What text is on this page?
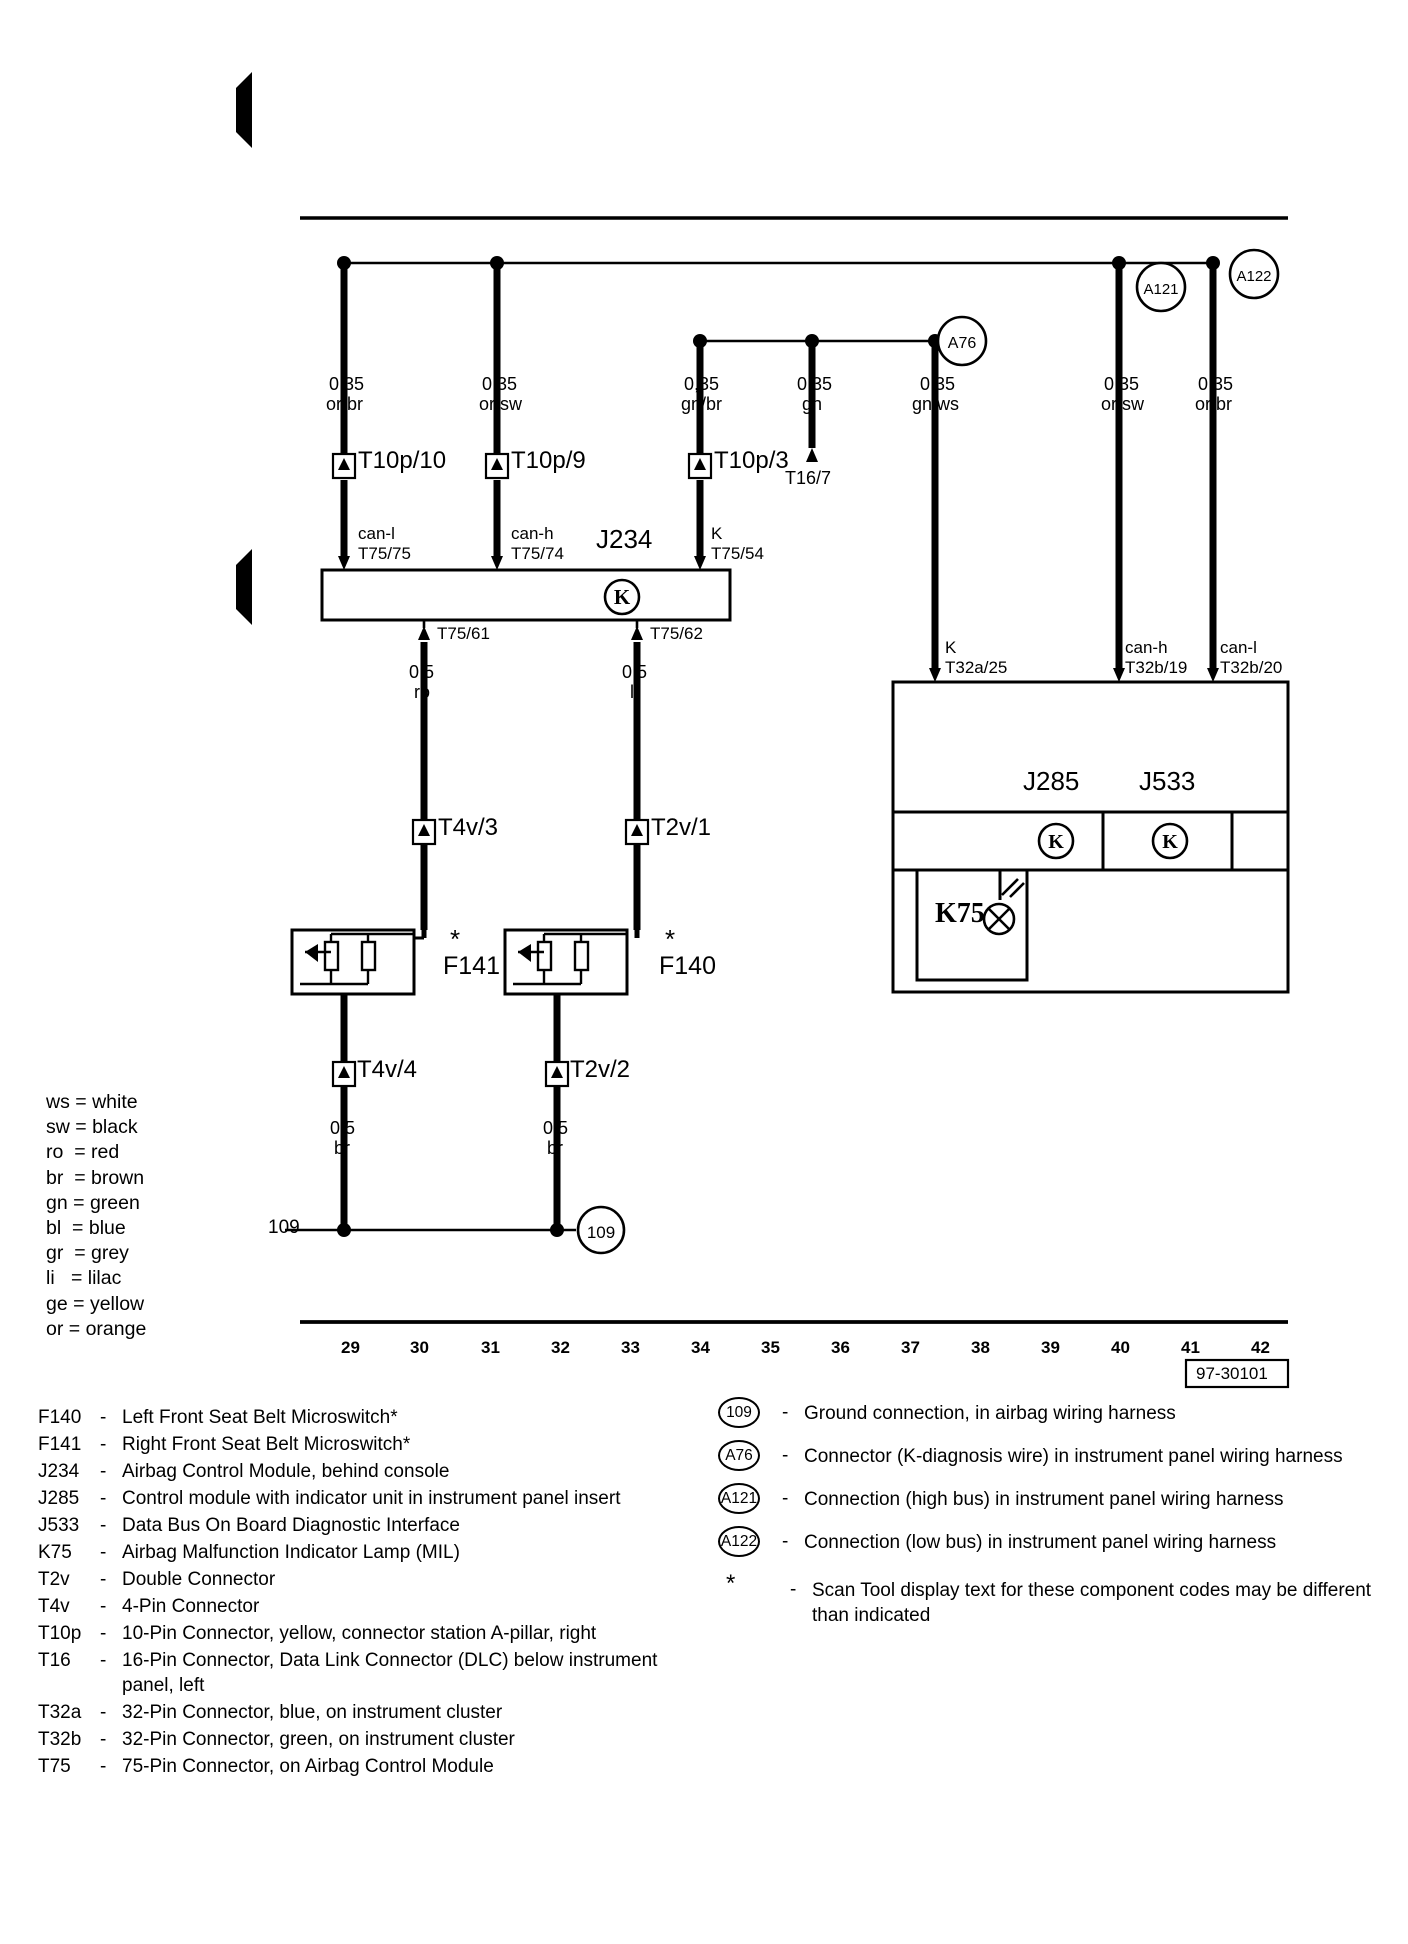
K
109
A76
A121
A122
K	K
0,35
or/br
T10p/10
can-l
T75/75
0,35
or/sw
T10p/9
can-h
T75/74
0,35
gn/br
T10p/3
K
T75/54
0,35
gn
T16/7
0,35
gn/ws
K
T32a/25
0,35
or/sw
can-h
T32b/19
0,35
or/br
can-l
T32b/20
J234
T75/61	T75/62
0,5
ro
T4v/3
0,5
li
T2v/1
*
F141
*
F140
T4v/4	T2v/2
0,5
br
0,5
br
109
J285 J533
K75
29	30	31	32	33	34	35	36	37	38	39	40	41	42
97-30101
ws = white
sw = black
ro = red
br = brown
gn = green
bl = blue
gr = grey
li = lilac
ge = yellow
or = orange
F140 - Left Front Seat Belt Microswitch*
F141 - Right Front Seat Belt Microswitch*
J234	- Airbag Control Module, behind console
J285	- Control module with indicator unit in instrument panel insert
J533	- Data Bus On Board Diagnostic Interface
K75	- Airbag Malfunction Indicator Lamp (MIL)
T2v	- Double Connector
T4v	- 4-Pin Connector
T10p - 10-Pin Connector, yellow, connector station A-pillar, right
T16	- 16-Pin Connector, Data Link Connector (DLC) below instrument panel, left
T32a - 32-Pin Connector, blue, on instrument cluster
T32b - 32-Pin Connector, green, on instrument cluster
T75	- 75-Pin Connector, on Airbag Control Module
109	- Ground connection, in airbag wiring harness
A76	- Connector (K-diagnosis wire) in instrument panel wiring harness
A121 - Connection (high bus) in instrument panel wiring harness
A122 - Connection (low bus) in instrument panel wiring harness
*	- Scan Tool display text for these component codes may be different than indicated
